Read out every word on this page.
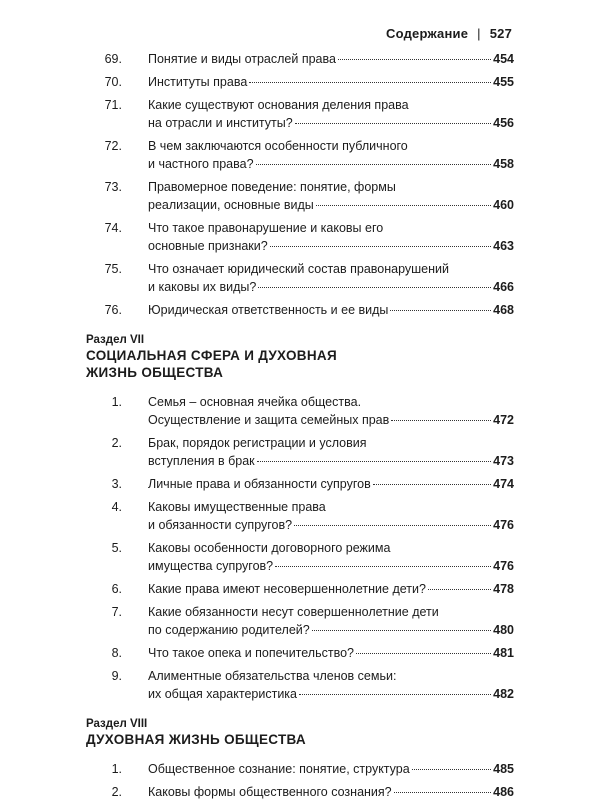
Содержание | 527
69. Понятие и виды отраслей права	454
70. Институты права	455
71. Какие существуют основания деления права
на отрасли и институты?	456
72. В чем заключаются особенности публичного
и частного права?	458
73. Правомерное поведение: понятие, формы
реализации, основные виды	460
74. Что такое правонарушение и каковы его
основные признаки?	463
75. Что означает юридический состав правонарушений
и каковы их виды?	466
76. Юридическая ответственность и ее виды	468
Раздел VII
СОЦИАЛЬНАЯ СФЕРА И ДУХОВНАЯ
ЖИЗНЬ ОБЩЕСТВА
1. Семья – основная ячейка общества.
Осуществление и защита семейных прав	472
2. Брак, порядок регистрации и условия
вступления в брак	473
3. Личные права и обязанности супругов	474
4. Каковы имущественные права
и обязанности супругов?	476
5. Каковы особенности договорного режима
имущества супругов?	476
6. Какие права имеют несовершеннолетние дети?	478
7. Какие обязанности несут совершеннолетние дети
по содержанию родителей?	480
8. Что такое опека и попечительство?	481
9. Алиментные обязательства членов семьи:
их общая характеристика	482
Раздел VIII
ДУХОВНАЯ ЖИЗНЬ ОБЩЕСТВА
1. Общественное сознание: понятие, структура	485
2. Каковы формы общественного сознания?	486
